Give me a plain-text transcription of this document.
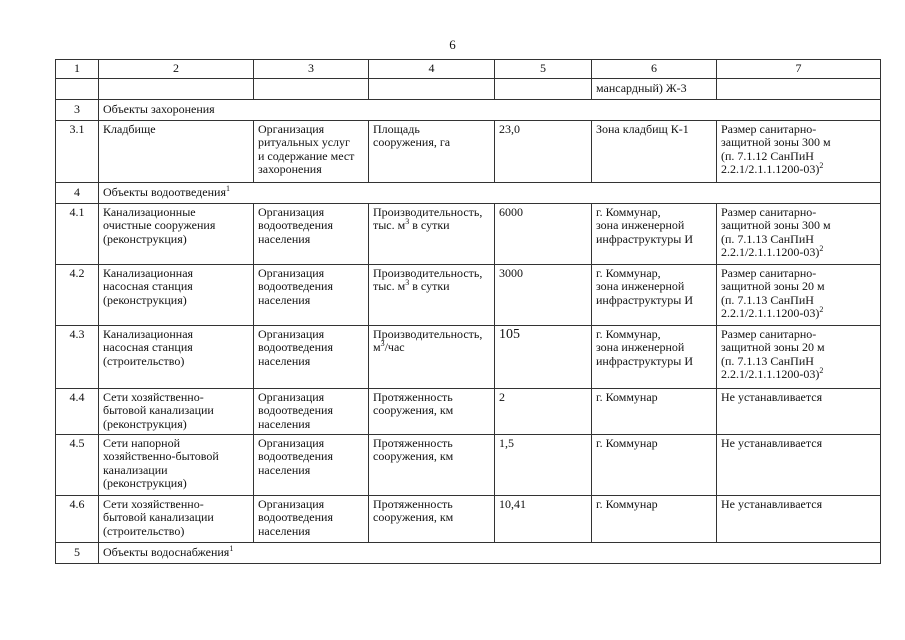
6
1	2	3	4	5	6	7
					мансардный) Ж-3	
3	Объекты захоронения					
3.1	Кладбище	Организация
ритуальных услуг
и содержание мест
захоронения	Площадь
сооружения, га	23,0	Зона кладбищ К-1	Размер санитарно-
защитной зоны 300 м
(п. 7.1.12 СанПиН
2.2.1/2.1.1.1200-03)$^2$

4	Объекты водоотведения$^1$
4.1	Канализационные
очистные сооружения
(реконструкция)	Организация
водоотведения
населения	Производительность,
тыс. $м^3$ в сутки	6000	г. Коммунар,
зона инженерной
инфраструктуры И	Размер санитарно-
защитной зоны 300 м
(п. 7.1.13 СанПиН
2.2.1/2.1.1.1200-03)$^2$

4.2	Канализационная
насосная станция
(реконструкция)	Организация
водоотведения
населения	Производительность,
тыс. $м^3$ в сутки	3000	г. Коммунар,
зона инженерной
инфраструктуры И	Размер санитарно-
защитной зоны 20 м
(п. 7.1.13 СанПиН
2.2.1/2.1.1.1200-03)$^2$

4.3	Канализационная
насосная станция
(строительство)	Организация
водоотведения
населения	Производительность,
$м^3$/час	105	г. Коммунар,
зона инженерной
инфраструктуры И	Размер санитарно-
защитной зоны 20 м
(п. 7.1.13 СанПиН
2.2.1/2.1.1.1200-03)$^2$

4.4	Сети хозяйственно-
бытовой канализации
(реконструкция)	Организация
водоотведения
населения	Протяженность
сооружения, км	2	г. Коммунар	Не устанавливается

4.5	Сети напорной
хозяйственно-бытовой
канализации
(реконструкция)	Организация
водоотведения
населения	Протяженность
сооружения, км	1,5	г. Коммунар	Не устанавливается

4.6	Сети хозяйственно-
бытовой канализации
(строительство)	Организация
водоотведения
населения	Протяженность
сооружения, км	10,41	г. Коммунар	Не устанавливается

5	Объекты водоснабжения$^1$
